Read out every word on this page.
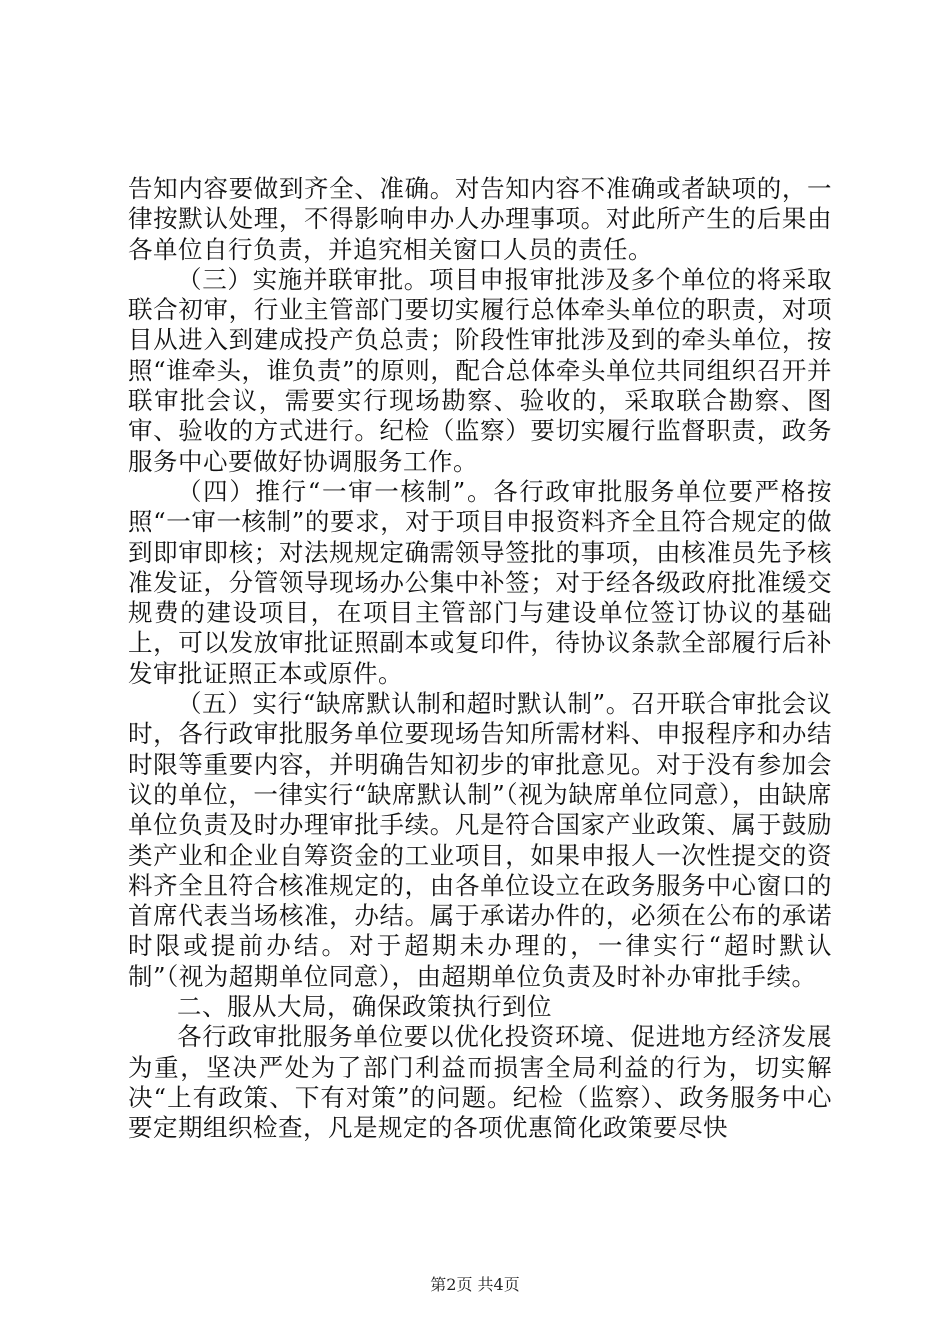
告知内容要做到齐全、准确。对告知内容不准确或者缺项的，一律按默认处理，不得影响申办人办理事项。对此所产生的后果由各单位自行负责，并追究相关窗口人员的责任。

（三）实施并联审批。项目申报审批涉及多个单位的将采取联合初审，行业主管部门要切实履行总体牵头单位的职责，对项目从进入到建成投产负总责；阶段性审批涉及到的牵头单位，按照“谁牵头，谁负责”的原则，配合总体牵头单位共同组织召开并联审批会议，需要实行现场勘察、验收的，采取联合勘察、图审、验收的方式进行。纪检（监察）要切实履行监督职责，政务服务中心要做好协调服务工作。

（四）推行“一审一核制”。各行政审批服务单位要严格按照“一审一核制”的要求，对于项目申报资料齐全且符合规定的做到即审即核；对法规规定确需领导签批的事项，由核准员先予核准发证，分管领导现场办公集中补签；对于经各级政府批准缓交规费的建设项目，在项目主管部门与建设单位签订协议的基础上，可以发放审批证照副本或复印件，待协议条款全部履行后补发审批证照正本或原件。

（五）实行“缺席默认制和超时默认制”。召开联合审批会议时，各行政审批服务单位要现场告知所需材料、申报程序和办结时限等重要内容，并明确告知初步的审批意见。对于没有参加会议的单位，一律实行“缺席默认制”（视为缺席单位同意），由缺席单位负责及时办理审批手续。凡是符合国家产业政策、属于鼓励类产业和企业自筹资金的工业项目，如果申报人一次性提交的资料齐全且符合核准规定的，由各单位设立在政务服务中心窗口的首席代表当场核准，办结。属于承诺办件的，必须在公布的承诺时限或提前办结。对于超期未办理的，一律实行“超时默认制”（视为超期单位同意），由超期单位负责及时补办审批手续。

二、服从大局，确保政策执行到位

各行政审批服务单位要以优化投资环境、促进地方经济发展为重，坚决严处为了部门利益而损害全局利益的行为，切实解决“上有政策、下有对策”的问题。纪检（监察）、政务服务中心要定期组织检查，凡是规定的各项优惠简化政策要尽快

第2页 共4页
